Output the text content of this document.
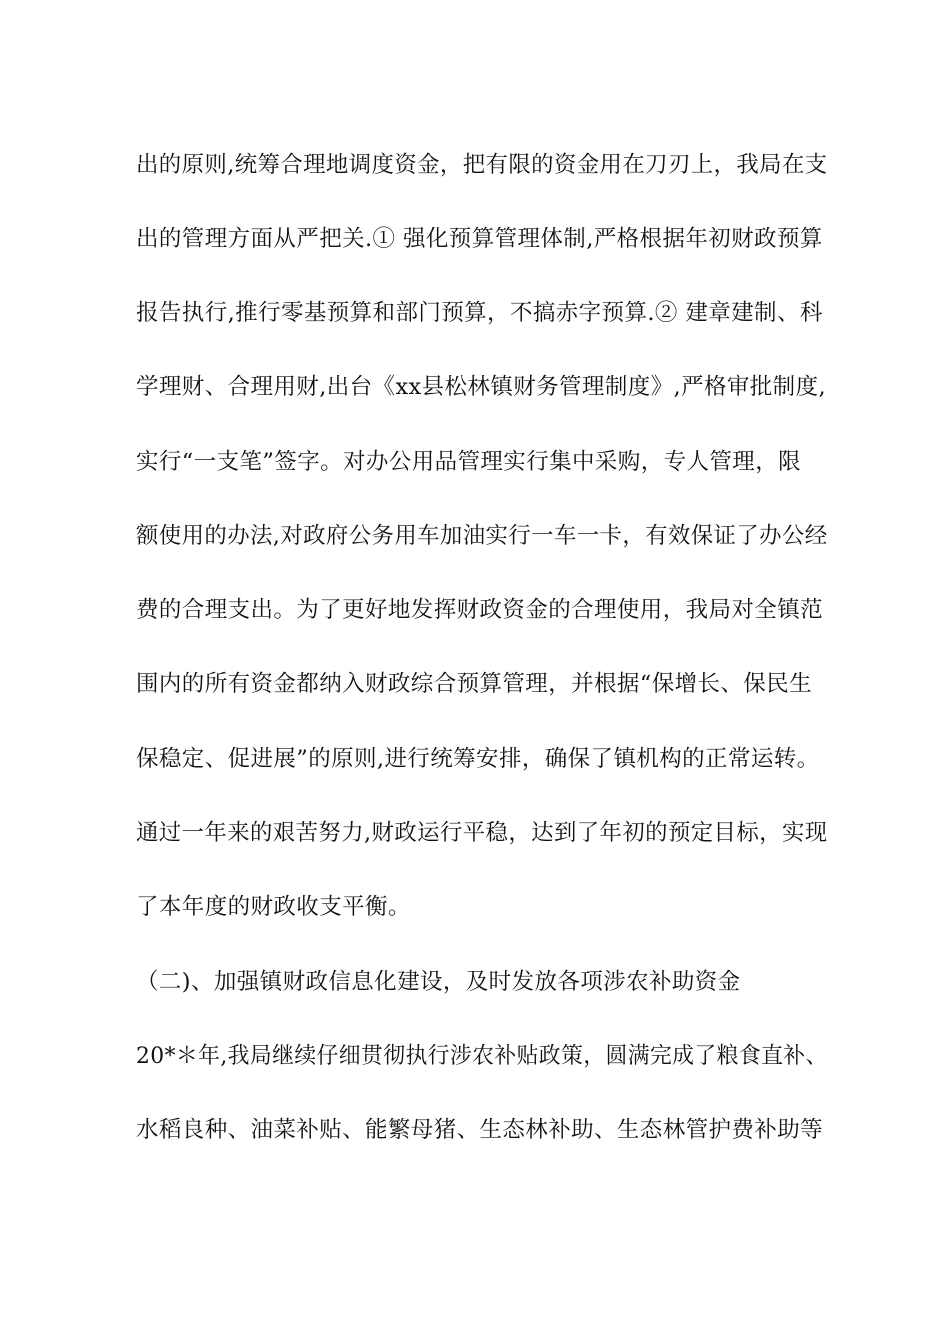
出的原则,统筹合理地调度资金，把有限的资金用在刀刃上，我局在支
出的管理方面从严把关.① 强化预算管理体制,严格根据年初财政预算
报告执行,推行零基预算和部门预算，不搞赤字预算.② 建章建制、科
学理财、合理用财,出台《xx县松林镇财务管理制度》,严格审批制度,
实行“一支笔”签字。对办公用品管理实行集中采购，专人管理，限
额使用的办法,对政府公务用车加油实行一车一卡，有效保证了办公经
费的合理支出。为了更好地发挥财政资金的合理使用，我局对全镇范
围内的所有资金都纳入财政综合预算管理，并根据“保增长、保民生
保稳定、促进展”的原则,进行统筹安排，确保了镇机构的正常运转。
通过一年来的艰苦努力,财政运行平稳，达到了年初的预定目标，实现
了本年度的财政收支平衡。
（二)、加强镇财政信息化建设，及时发放各项涉农补助资金
20*＊年,我局继续仔细贯彻执行涉农补贴政策，圆满完成了粮食直补、
水稻良种、油菜补贴、能繁母猪、生态林补助、生态林管护费补助等
